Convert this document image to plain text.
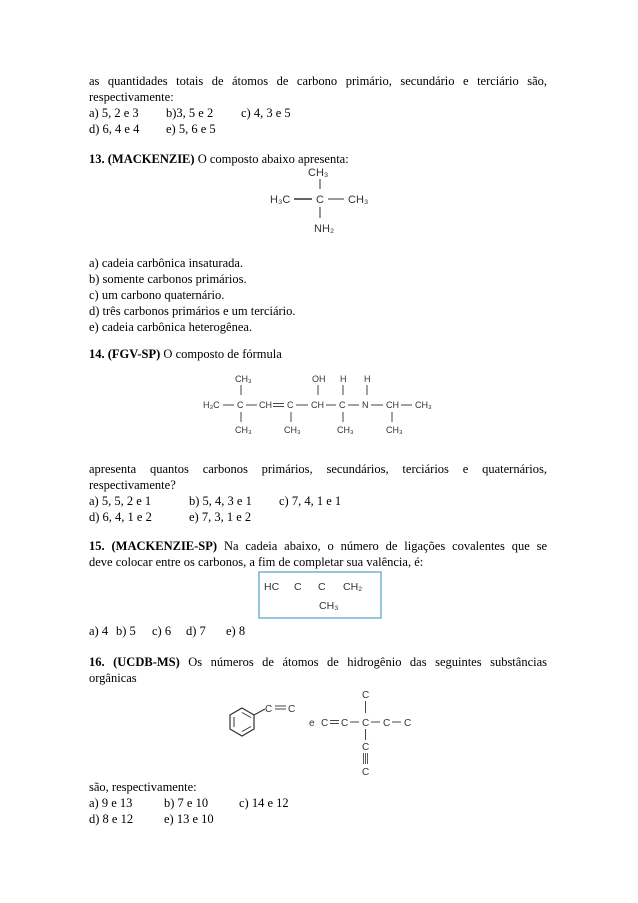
as quantidades totais de átomos de carbono primário, secundário e terciário são,
respectivamente:
a) 5, 2 e 3 b)3, 5 e 2 c) 4, 3 e 5
d) 6, 4 e 4 e) 5, 6 e 5
13. (MACKENZIE) O composto abaixo apresenta:
CH₃
H₃C C CH₃
NH₂
a) cadeia carbônica insaturada.
b) somente carbonos primários.
c) um carbono quaternário.
d) três carbonos primários e um terciário.
e) cadeia carbônica heterogênea.
14. (FGV-SP) O composto de fórmula
CH₃	OH H H
H₃C C CH C CH C N CH CH₃
CH₃	CH₃	CH₃	CH₃
apresenta quantos carbonos primários, secundários, terciários e quaternários,
respectivamente?
a) 5, 5, 2 e 1	b) 5, 4, 3 e 1 c) 7, 4, 1 e 1
d) 6, 4, 1 e 2	e) 7, 3, 1 e 2
15. (MACKENZIE-SP) Na cadeia abaixo, o número de ligações covalentes que se
deve colocar entre os carbonos, a fim de completar sua valência, é:
HC C C CH₂
CH₃
a) 4 b) 5 c) 6 d) 7 e) 8
16. (UCDB-MS) Os números de átomos de hidrogênio das seguintes substâncias
orgânicas
C C
e
C
C C C C C
C
C
são, respectivamente:
a) 9 e 13	b) 7 e 10 c) 14 e 12
d) 8 e 12 e) 13 e 10
